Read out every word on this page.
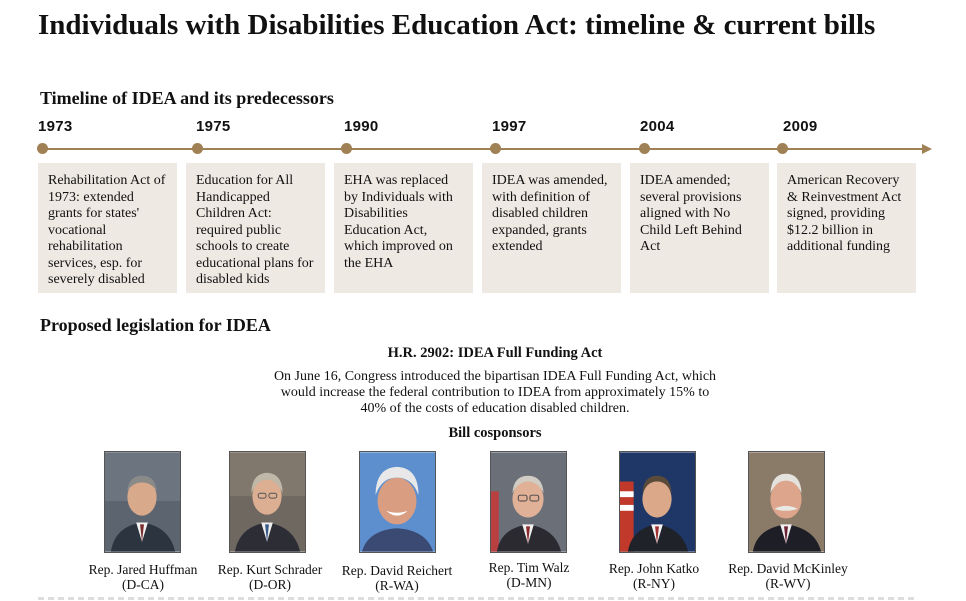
Individuals with Disabilities Education Act: timeline & current bills
Timeline of IDEA and its predecessors
1973	1975	1990	1997	2004	2009
Rehabilitation Act of 1973: extended grants for states' vocational rehabilitation services, esp. for severely disabled
Education for All Handicapped Children Act: required public schools to create educational plans for disabled kids
EHA was replaced by Individuals with Disabilities Education Act, which improved on the EHA
IDEA was amended, with definition of disabled children expanded, grants extended
IDEA amended; several provisions aligned with No Child Left Behind Act
American Recovery & Reinvestment Act signed, providing $12.2 billion in additional funding
Proposed legislation for IDEA
H.R. 2902: IDEA Full Funding Act
On June 16, Congress introduced the bipartisan IDEA Full Funding Act, which would increase the federal contribution to IDEA from approximately 15% to 40% of the costs of education disabled children.
Bill cosponsors
Rep. Jared Huffman
(D-CA)
Rep. Kurt Schrader
(D-OR)
Rep. David Reichert
(R-WA)
Rep. Tim Walz
(D-MN)
Rep. John Katko
(R-NY)
Rep. David McKinley
(R-WV)
